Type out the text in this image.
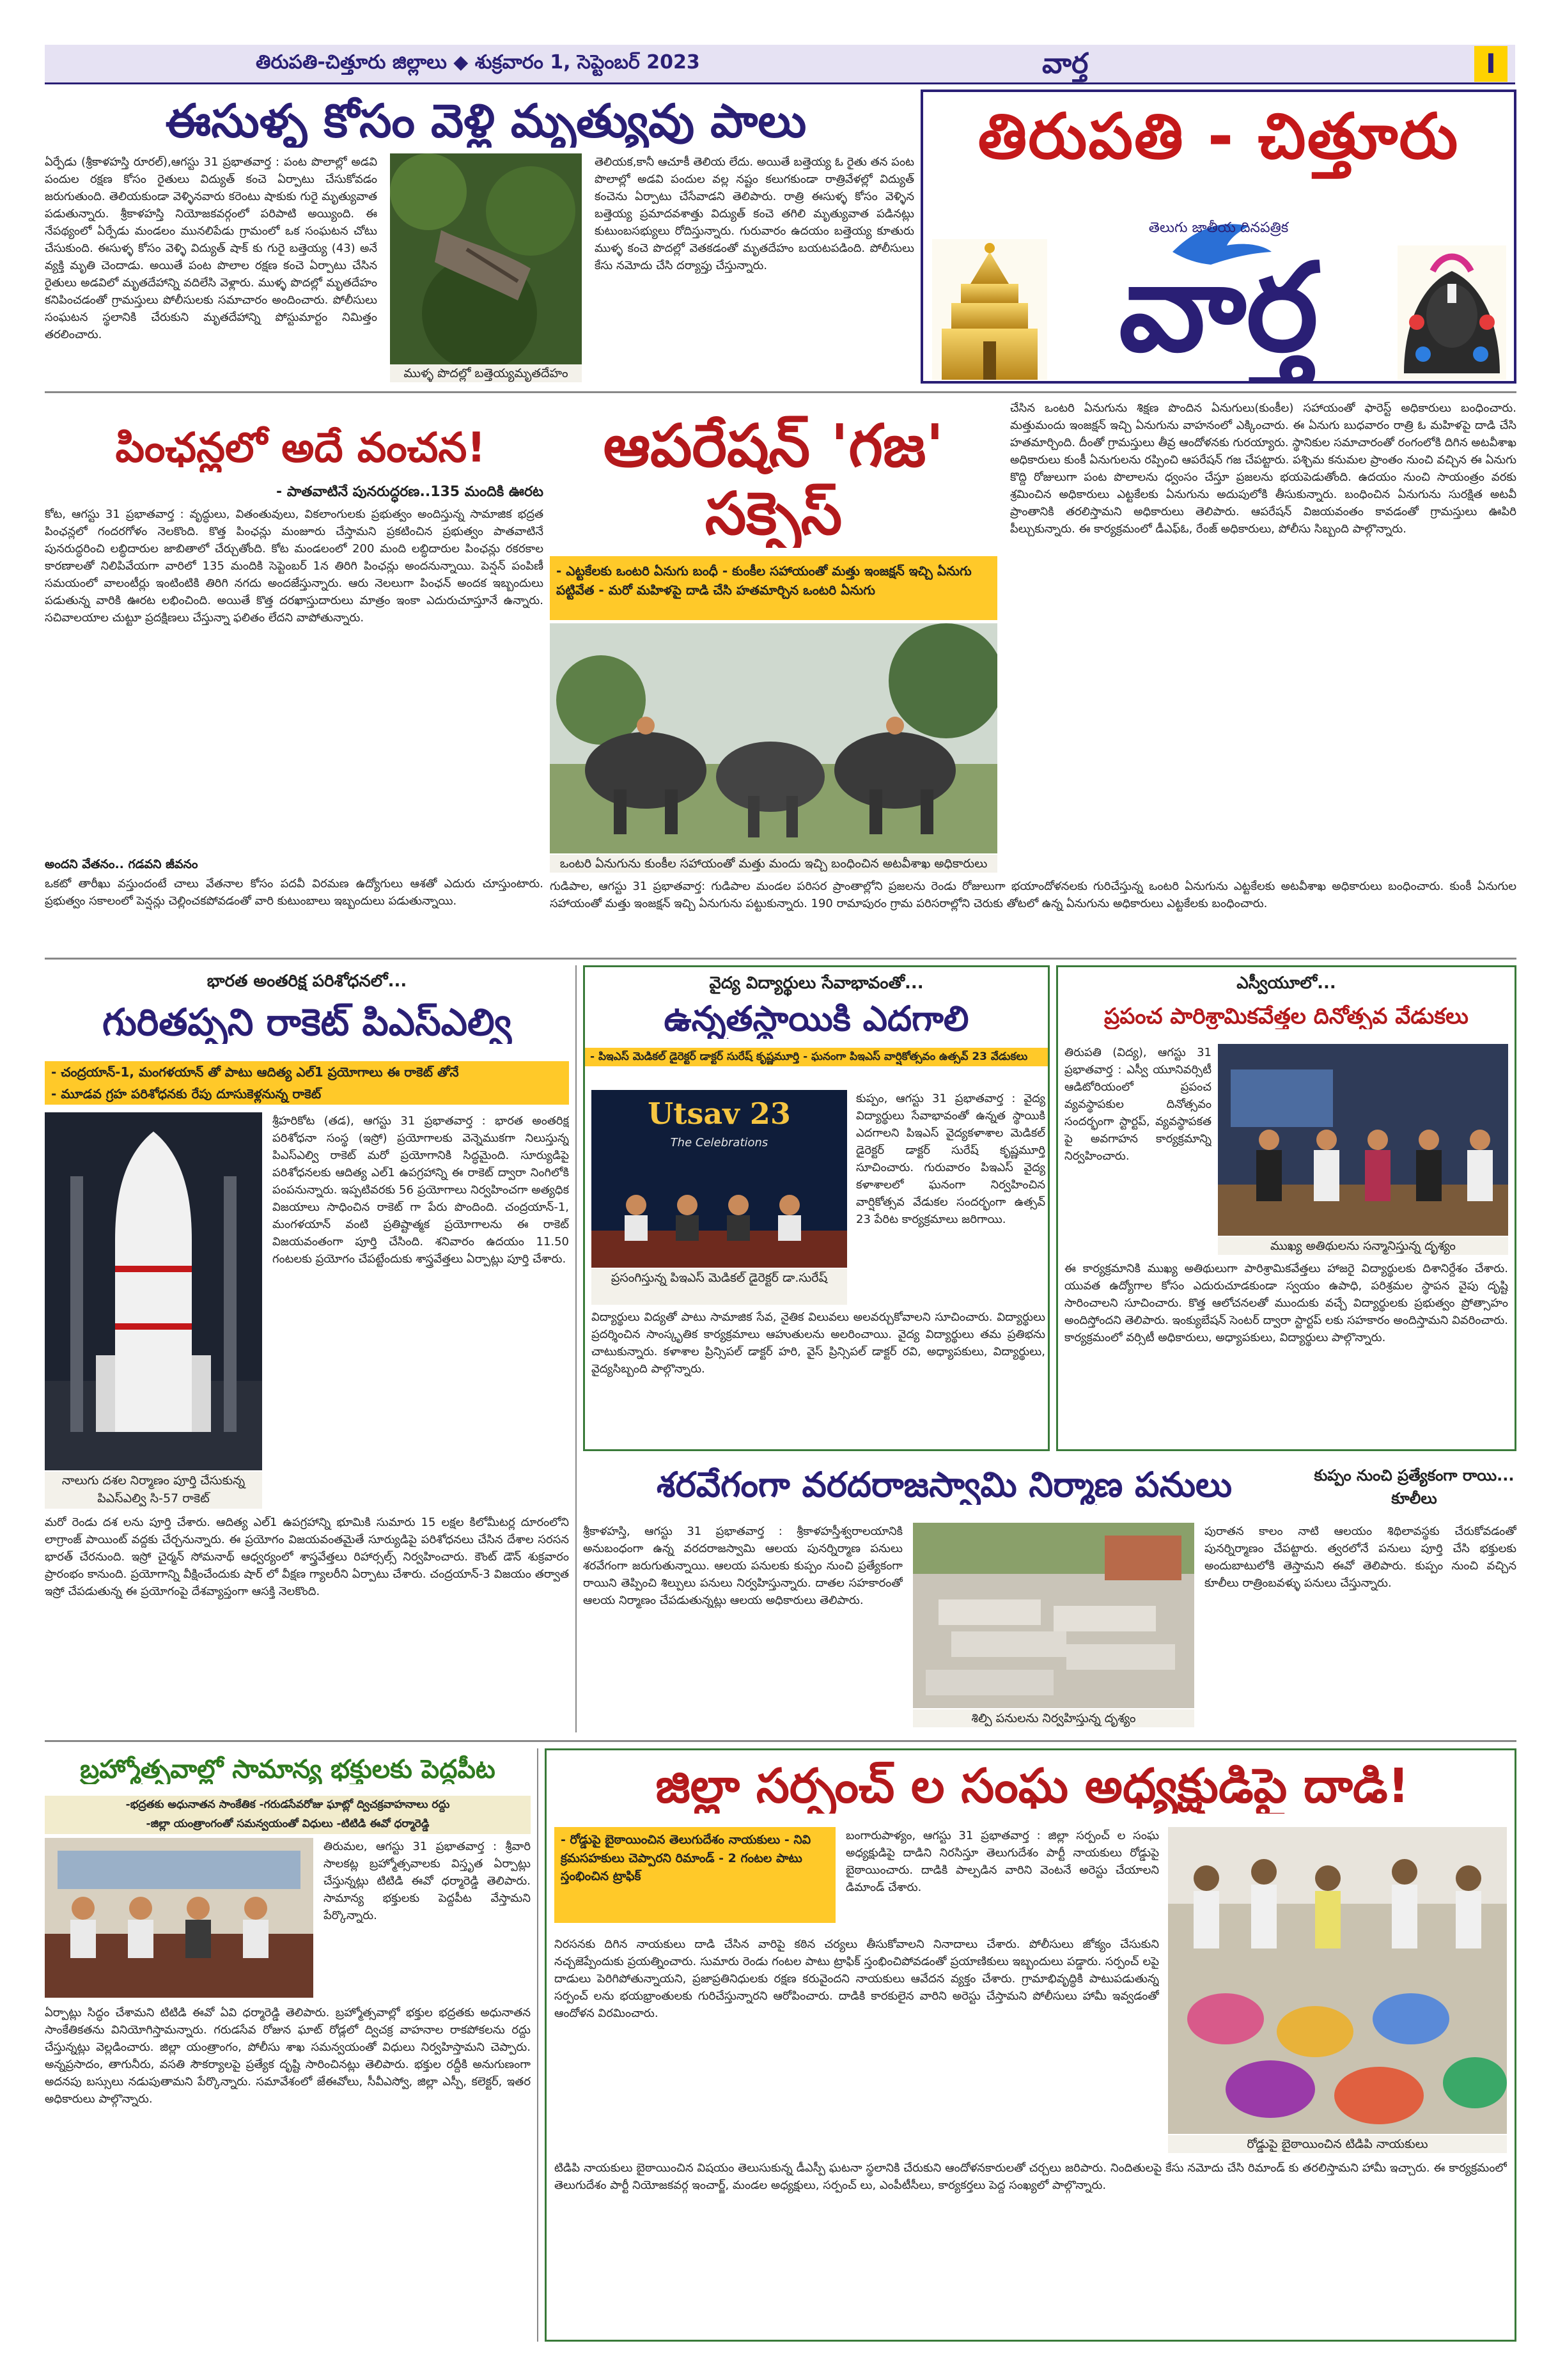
తిరుపతి-చిత్తూరు జిల్లాలు ◆ శుక్రవారం 1, సెప్టెంబర్ 2023	వార్త	I
తిరుపతి - చిత్తూరు
తెలుగు జాతీయ దినపత్రిక
వార్త
ఈసుళ్ళ కోసం వెళ్లి మృత్యువు పాలు
ఏర్పేడు (శ్రీకాళహస్తి రూరల్),ఆగస్టు 31 ప్రభాతవార్త : పంట పొలాల్లో అడవి పందుల రక్షణ కోసం రైతులు విద్యుత్ కంచె ఏర్పాటు చేసుకోవడం జరుగుతుంది. తెలియకుండా వెళ్ళినవారు కరెంటు షాకుకు గురై మృత్యువాత పడుతున్నారు. శ్రీకాళహస్తి నియోజకవర్గంలో పరిపాటి అయ్యింది. ఈ నేపథ్యంలో ఏర్పేడు మండలం మునలిపేడు గ్రామంలో ఒక సంఘటన చోటు చేసుకుంది. ఈసుళ్ళ కోసం వెళ్ళి విద్యుత్ షాక్ కు గురై బత్తెయ్య (43) అనే వ్యక్తి మృతి చెందాడు. అయితే పంట పొలాల రక్షణ కంచె ఏర్పాటు చేసిన రైతులు అడవిలో మృతదేహాన్ని వదిలేసి వెళ్లారు. ముళ్ళ పొదల్లో మృతదేహం కనిపించడంతో గ్రామస్తులు పోలీసులకు సమాచారం అందించారు. పోలీసులు సంఘటన స్థలానికి చేరుకుని మృతదేహాన్ని పోస్టుమార్టం నిమిత్తం తరలించారు.
ముళ్ళ పొదల్లో బత్తెయ్యమృతదేహం
తెలియక,కానీ ఆచూకీ తెలియ లేదు. అయితే బత్తెయ్య ఓ రైతు తన పంట పొలాల్లో అడవి పందుల వల్ల నష్టం కలుగకుండా రాత్రివేళల్లో విద్యుత్ కంచెను ఏర్పాటు చేసేవాడని తెలిపారు. రాత్రి ఈసుళ్ళ కోసం వెళ్ళిన బత్తెయ్య ప్రమాదవశాత్తు విద్యుత్ కంచె తగిలి మృత్యువాత పడినట్లు కుటుంబసభ్యులు రోదిస్తున్నారు. గురువారం ఉదయం బత్తెయ్య కూతురు ముళ్ళ కంచె పొదల్లో వెతకడంతో మృతదేహం బయటపడింది. పోలీసులు కేసు నమోదు చేసి దర్యాప్తు చేస్తున్నారు.
పింఛన్లలో అదే వంచన!
- పాతవాటినే పునరుద్ధరణ..135 మందికి ఊరట
కోట, ఆగస్టు 31 ప్రభాతవార్త : వృద్ధులు, వితంతువులు, వికలాంగులకు ప్రభుత్వం అందిస్తున్న సామాజిక భద్రత పింఛన్లలో గందరగోళం నెలకొంది. కొత్త పింఛన్లు మంజూరు చేస్తామని ప్రకటించిన ప్రభుత్వం పాతవాటినే పునరుద్ధరించి లబ్ధిదారుల జాబితాలో చేర్చుతోంది. కోట మండలంలో 200 మంది లబ్ధిదారుల పింఛన్లు రకరకాల కారణాలతో నిలిపివేయగా వారిలో 135 మందికి సెప్టెంబర్ 1న తిరిగి పింఛన్లు అందనున్నాయి. పెన్షన్ పంపిణీ సమయంలో వాలంటీర్లు ఇంటింటికి తిరిగి నగదు అందజేస్తున్నారు. ఆరు నెలలుగా పింఛన్ అందక ఇబ్బందులు పడుతున్న వారికి ఊరట లభించింది. అయితే కొత్త దరఖాస్తుదారులు మాత్రం ఇంకా ఎదురుచూస్తూనే ఉన్నారు. సచివాలయాల చుట్టూ ప్రదక్షిణలు చేస్తున్నా ఫలితం లేదని వాపోతున్నారు.
అందని వేతనం.. గడవని జీవనం
ఒకటో తారీఖు వస్తుందంటే చాలు వేతనాల కోసం పదవీ విరమణ ఉద్యోగులు ఆశతో ఎదురు చూస్తుంటారు. ప్రభుత్వం సకాలంలో పెన్షన్లు చెల్లించకపోవడంతో వారి కుటుంబాలు ఇబ్బందులు పడుతున్నాయి.
ఆపరేషన్ 'గజ' సక్సెస్
- ఎట్టకేలకు ఒంటరి ఏనుగు బంధీ - కుంకీల సహాయంతో మత్తు ఇంజక్షన్ ఇచ్చి ఏనుగు పట్టివేత - మరో మహిళపై దాడి చేసి హతమార్చిన ఒంటరి ఏనుగు
ఒంటరి ఏనుగును కుంకీల సహాయంతో మత్తు మందు ఇచ్చి బంధించిన అటవీశాఖ అధికారులు
గుడిపాల, ఆగస్టు 31 ప్రభాతవార్త: గుడిపాల మండల పరిసర ప్రాంతాల్లోని ప్రజలను రెండు రోజులుగా భయాందోళనలకు గురిచేస్తున్న ఒంటరి ఏనుగును ఎట్టకేలకు అటవీశాఖ అధికారులు బంధించారు. కుంకీ ఏనుగుల సహాయంతో మత్తు ఇంజక్షన్ ఇచ్చి ఏనుగును పట్టుకున్నారు. 190 రామాపురం గ్రామ పరిసరాల్లోని చెరుకు తోటలో ఉన్న ఏనుగును అధికారులు ఎట్టకేలకు బంధించారు.
చేసిన ఒంటరి ఏనుగును శిక్షణ పొందిన ఏనుగులు(కుంకీల) సహాయంతో ఫారెస్ట్ అధికారులు బంధించారు. మత్తుమందు ఇంజక్షన్ ఇచ్చి ఏనుగును వాహనంలో ఎక్కించారు. ఈ ఏనుగు బుధవారం రాత్రి ఓ మహిళపై దాడి చేసి హతమార్చింది. దీంతో గ్రామస్తులు తీవ్ర ఆందోళనకు గురయ్యారు. స్థానికుల సమాచారంతో రంగంలోకి దిగిన అటవీశాఖ అధికారులు కుంకీ ఏనుగులను రప్పించి ఆపరేషన్ గజ చేపట్టారు. పశ్చిమ కనుమల ప్రాంతం నుంచి వచ్చిన ఈ ఏనుగు కొద్ది రోజులుగా పంట పొలాలను ధ్వంసం చేస్తూ ప్రజలను భయపెడుతోంది. ఉదయం నుంచి సాయంత్రం వరకు శ్రమించిన అధికారులు ఎట్టకేలకు ఏనుగును అదుపులోకి తీసుకున్నారు. బంధించిన ఏనుగును సురక్షిత అటవీ ప్రాంతానికి తరలిస్తామని అధికారులు తెలిపారు. ఆపరేషన్ విజయవంతం కావడంతో గ్రామస్తులు ఊపిరి పీల్చుకున్నారు. ఈ కార్యక్రమంలో డీఎఫ్ఓ, రేంజ్ అధికారులు, పోలీసు సిబ్బంది పాల్గొన్నారు.
భారత అంతరిక్ష పరిశోధనలో...
గురితప్పని రాకెట్ పిఎస్ఎల్వి
- చంద్రయాన్-1, మంగళయాన్ తో పాటు ఆదిత్య ఎల్1 ప్రయోగాలు ఈ రాకెట్ తోనే
- మూడవ గ్రహ పరిశోధనకు రేపు దూసుకెళ్లనున్న రాకెట్
నాలుగు దశల నిర్మాణం పూర్తి చేసుకున్న పిఎస్ఎల్వి సి-57 రాకెట్
శ్రీహరికోట (తడ), ఆగస్టు 31 ప్రభాతవార్త : భారత అంతరిక్ష పరిశోధనా సంస్థ (ఇస్రో) ప్రయోగాలకు వెన్నెముకగా నిలుస్తున్న పిఎస్ఎల్వి రాకెట్ మరో ప్రయోగానికి సిద్ధమైంది. సూర్యుడిపై పరిశోధనలకు ఆదిత్య ఎల్1 ఉపగ్రహాన్ని ఈ రాకెట్ ద్వారా నింగిలోకి పంపనున్నారు. ఇప్పటివరకు 56 ప్రయోగాలు నిర్వహించగా అత్యధిక విజయాలు సాధించిన రాకెట్ గా పేరు పొందింది. చంద్రయాన్-1, మంగళయాన్ వంటి ప్రతిష్టాత్మక ప్రయోగాలను ఈ రాకెట్ విజయవంతంగా పూర్తి చేసింది. శనివారం ఉదయం 11.50 గంటలకు ప్రయోగం చేపట్టేందుకు శాస్త్రవేత్తలు ఏర్పాట్లు పూర్తి చేశారు.
మరో రెండు దశ లను పూర్తి చేశారు. ఆదిత్య ఎల్1 ఉపగ్రహాన్ని భూమికి సుమారు 15 లక్షల కిలోమీటర్ల దూరంలోని లాగ్రాంజ్ పాయింట్ వద్దకు చేర్చనున్నారు. ఈ ప్రయోగం విజయవంతమైతే సూర్యుడిపై పరిశోధనలు చేసిన దేశాల సరసన భారత్ చేరనుంది. ఇస్రో చైర్మన్ సోమనాథ్ ఆధ్వర్యంలో శాస్త్రవేత్తలు రిహార్సల్స్ నిర్వహించారు. కౌంట్ డౌన్ శుక్రవారం ప్రారంభం కానుంది. ప్రయోగాన్ని వీక్షించేందుకు షార్ లో వీక్షణ గ్యాలరీని ఏర్పాటు చేశారు. చంద్రయాన్-3 విజయం తర్వాత ఇస్రో చేపడుతున్న ఈ ప్రయోగంపై దేశవ్యాప్తంగా ఆసక్తి నెలకొంది.
వైద్య విద్యార్థులు సేవాభావంతో...
ఉన్నతస్థాయికి ఎదగాలి
- పిఇఎస్ మెడికల్ డైరెక్టర్ డాక్టర్ సురేష్ కృష్ణమూర్తి - ఘనంగా పిఇఎస్ వార్షికోత్సవం ఉత్సవ్ 23 వేడుకలు
Utsav 23
The Celebrations
ప్రసంగిస్తున్న పిఇఎస్ మెడికల్ డైరెక్టర్ డా.సురేష్
కుప్పం, ఆగస్టు 31 ప్రభాతవార్త : వైద్య విద్యార్థులు సేవాభావంతో ఉన్నత స్థాయికి ఎదగాలని పిఇఎస్ వైద్యకళాశాల మెడికల్ డైరెక్టర్ డాక్టర్ సురేష్ కృష్ణమూర్తి సూచించారు. గురువారం పిఇఎస్ వైద్య కళాశాలలో ఘనంగా నిర్వహించిన వార్షికోత్సవ వేడుకల సందర్భంగా ఉత్సవ్ 23 పేరిట కార్యక్రమాలు జరిగాయి.
విద్యార్థులు విద్యతో పాటు సామాజిక సేవ, నైతిక విలువలు అలవర్చుకోవాలని సూచించారు. విద్యార్థులు ప్రదర్శించిన సాంస్కృతిక కార్యక్రమాలు ఆహుతులను అలరించాయి. వైద్య విద్యార్థులు తమ ప్రతిభను చాటుకున్నారు. కళాశాల ప్రిన్సిపల్ డాక్టర్ హరి, వైస్ ప్రిన్సిపల్ డాక్టర్ రవి, అధ్యాపకులు, విద్యార్థులు, వైద్యసిబ్బంది పాల్గొన్నారు.
ఎస్వీయూలో...
ప్రపంచ పారిశ్రామికవేత్తల దినోత్సవ వేడుకలు
తిరుపతి (విద్య), ఆగస్టు 31 ప్రభాతవార్త : ఎస్వీ యూనివర్సిటీ ఆడిటోరియంలో ప్రపంచ వ్యవస్థాపకుల దినోత్సవం సందర్భంగా స్టార్టప్, వ్యవస్థాపకత పై అవగాహన కార్యక్రమాన్ని నిర్వహించారు.
ముఖ్య అతిథులను సన్మానిస్తున్న దృశ్యం
ఈ కార్యక్రమానికి ముఖ్య అతిథులుగా పారిశ్రామికవేత్తలు హాజరై విద్యార్థులకు దిశానిర్దేశం చేశారు. యువత ఉద్యోగాల కోసం ఎదురుచూడకుండా స్వయం ఉపాధి, పరిశ్రమల స్థాపన వైపు దృష్టి సారించాలని సూచించారు. కొత్త ఆలోచనలతో ముందుకు వచ్చే విద్యార్థులకు ప్రభుత్వం ప్రోత్సాహం అందిస్తోందని తెలిపారు. ఇంక్యుబేషన్ సెంటర్ ద్వారా స్టార్టప్ లకు సహకారం అందిస్తామని వివరించారు. కార్యక్రమంలో వర్సిటీ అధికారులు, అధ్యాపకులు, విద్యార్థులు పాల్గొన్నారు.
శరవేగంగా వరదరాజస్వామి నిర్మాణ పనులు	కుప్పం నుంచి ప్రత్యేకంగా రాయి... కూలీలు
శ్రీకాళహస్తి, ఆగస్టు 31 ప్రభాతవార్త : శ్రీకాళహస్తీశ్వరాలయానికి అనుబంధంగా ఉన్న వరదరాజస్వామి ఆలయ పునర్నిర్మాణ పనులు శరవేగంగా జరుగుతున్నాయి. ఆలయ పనులకు కుప్పం నుంచి ప్రత్యేకంగా రాయిని తెప్పించి శిల్పులు పనులు నిర్వహిస్తున్నారు. దాతల సహకారంతో ఆలయ నిర్మాణం చేపడుతున్నట్లు ఆలయ అధికారులు తెలిపారు.
శిల్పి పనులను నిర్వహిస్తున్న దృశ్యం
పురాతన కాలం నాటి ఆలయం శిథిలావస్థకు చేరుకోవడంతో పునర్నిర్మాణం చేపట్టారు. త్వరలోనే పనులు పూర్తి చేసి భక్తులకు అందుబాటులోకి తెస్తామని ఈవో తెలిపారు. కుప్పం నుంచి వచ్చిన కూలీలు రాత్రింబవళ్ళు పనులు చేస్తున్నారు.
బ్రహ్మోత్సవాల్లో సామాన్య భక్తులకు పెద్దపీట
-భద్రతకు అధునాతన సాంకేతిక -గరుడసేవరోజు ఘాట్లో ద్విచక్రవాహనాలు రద్దు
-జిల్లా యంత్రాంగంతో సమన్వయంతో విధులు -టిటిడి ఈవో ధర్మారెడ్డి
తిరుమల, ఆగస్టు 31 ప్రభాతవార్త : శ్రీవారి సాలకట్ల బ్రహ్మోత్సవాలకు విస్తృత ఏర్పాట్లు చేస్తున్నట్లు టిటిడి ఈవో ధర్మారెడ్డి తెలిపారు. సామాన్య భక్తులకు పెద్దపీట వేస్తామని పేర్కొన్నారు.
ఏర్పాట్లు సిద్ధం చేశామని టిటిడి ఈవో ఏవి ధర్మారెడ్డి తెలిపారు. బ్రహ్మోత్సవాల్లో భక్తుల భద్రతకు అధునాతన సాంకేతికతను వినియోగిస్తామన్నారు. గరుడసేవ రోజున ఘాట్ రోడ్లలో ద్విచక్ర వాహనాల రాకపోకలను రద్దు చేస్తున్నట్లు వెల్లడించారు. జిల్లా యంత్రాంగం, పోలీసు శాఖ సమన్వయంతో విధులు నిర్వహిస్తామని చెప్పారు. అన్నప్రసాదం, తాగునీరు, వసతి సౌకర్యాలపై ప్రత్యేక దృష్టి సారించినట్లు తెలిపారు. భక్తుల రద్దీకి అనుగుణంగా అదనపు బస్సులు నడుపుతామని పేర్కొన్నారు. సమావేశంలో జేఈవోలు, సీవీఎస్వో, జిల్లా ఎస్పీ, కలెక్టర్, ఇతర అధికారులు పాల్గొన్నారు.
జిల్లా సర్పంచ్ ల సంఘ అధ్యక్షుడిపై దాడి!
- రోడ్డుపై బైఠాయించిన తెలుగుదేశం నాయకులు - నివి క్రమసహకులు చెప్పారని రిమాండ్ - 2 గంటల పాటు స్తంభించిన ట్రాఫిక్
బంగారుపాళ్యం, ఆగస్టు 31 ప్రభాతవార్త : జిల్లా సర్పంచ్ ల సంఘ అధ్యక్షుడిపై దాడిని నిరసిస్తూ తెలుగుదేశం పార్టీ నాయకులు రోడ్డుపై బైఠాయించారు. దాడికి పాల్పడిన వారిని వెంటనే అరెస్టు చేయాలని డిమాండ్ చేశారు.
నిరసనకు దిగిన నాయకులు దాడి చేసిన వారిపై కఠిన చర్యలు తీసుకోవాలని నినాదాలు చేశారు. పోలీసులు జోక్యం చేసుకుని నచ్చజెప్పేందుకు ప్రయత్నించారు. సుమారు రెండు గంటల పాటు ట్రాఫిక్ స్తంభించిపోవడంతో ప్రయాణికులు ఇబ్బందులు పడ్డారు. సర్పంచ్ లపై దాడులు పెరిగిపోతున్నాయని, ప్రజాప్రతినిధులకు రక్షణ కరువైందని నాయకులు ఆవేదన వ్యక్తం చేశారు. గ్రామాభివృద్ధికి పాటుపడుతున్న సర్పంచ్ లను భయభ్రాంతులకు గురిచేస్తున్నారని ఆరోపించారు. దాడికి కారకులైన వారిని అరెస్టు చేస్తామని పోలీసులు హామీ ఇవ్వడంతో ఆందోళన విరమించారు.
రోడ్డుపై బైఠాయించిన టిడిపి నాయకులు
టిడిపి నాయకులు బైఠాయించిన విషయం తెలుసుకున్న డీఎస్పీ ఘటనా స్థలానికి చేరుకుని ఆందోళనకారులతో చర్చలు జరిపారు. నిందితులపై కేసు నమోదు చేసి రిమాండ్ కు తరలిస్తామని హామీ ఇచ్చారు. ఈ కార్యక్రమంలో తెలుగుదేశం పార్టీ నియోజకవర్గ ఇంచార్జ్, మండల అధ్యక్షులు, సర్పంచ్ లు, ఎంపీటీసీలు, కార్యకర్తలు పెద్ద సంఖ్యలో పాల్గొన్నారు.
